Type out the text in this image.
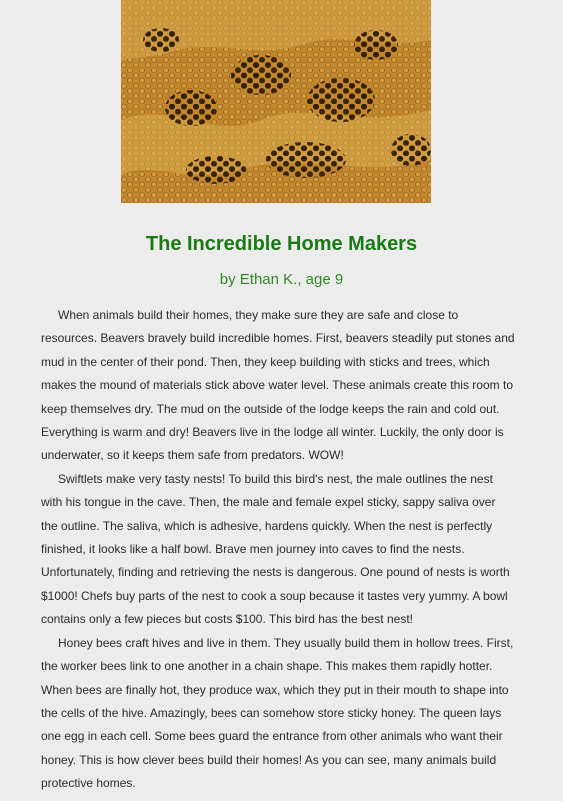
The Incredible Home Makers

by Ethan K., age 9

When animals build their homes, they make sure they are safe and close to resources. Beavers bravely build incredible homes. First, beavers steadily put stones and mud in the center of their pond. Then, they keep building with sticks and trees, which makes the mound of materials stick above water level. These animals create this room to keep themselves dry. The mud on the outside of the lodge keeps the rain and cold out. Everything is warm and dry! Beavers live in the lodge all winter. Luckily, the only door is underwater, so it keeps them safe from predators. WOW!

Swiftlets make very tasty nests! To build this bird's nest, the male outlines the nest with his tongue in the cave. Then, the male and female expel sticky, sappy saliva over the outline. The saliva, which is adhesive, hardens quickly. When the nest is perfectly finished, it looks like a half bowl. Brave men journey into caves to find the nests. Unfortunately, finding and retrieving the nests is dangerous. One pound of nests is worth $1000! Chefs buy parts of the nest to cook a soup because it tastes very yummy. A bowl contains only a few pieces but costs $100. This bird has the best nest!

Honey bees craft hives and live in them. They usually build them in hollow trees. First, the worker bees link to one another in a chain shape. This makes them rapidly hotter. When bees are finally hot, they produce wax, which they put in their mouth to shape into the cells of the hive. Amazingly, bees can somehow store sticky honey. The queen lays one egg in each cell. Some bees guard the entrance from other animals who want their honey. This is how clever bees build their homes! As you can see, many animals build protective homes.
